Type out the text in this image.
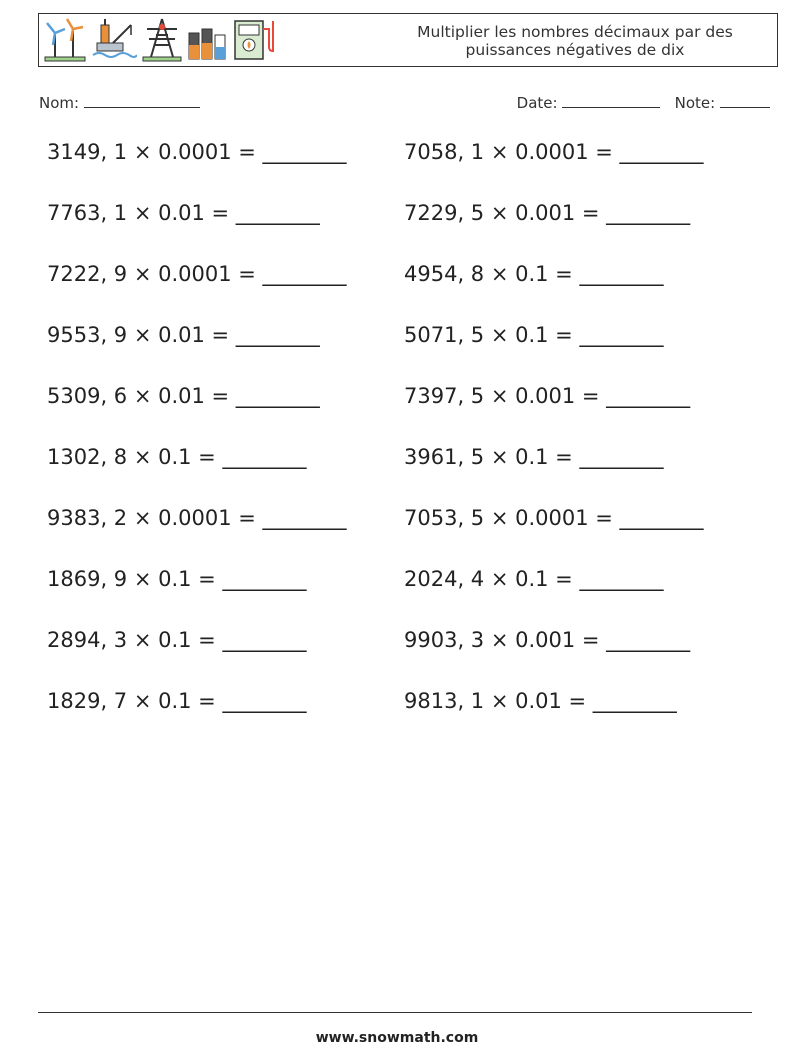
Multiplier les nombres décimaux par des
puissances négatives de dix
Nom:	Date:	Note:
3149, 1 × 0.0001 = ________	7058, 1 × 0.0001 = ________
7763, 1 × 0.01 = ________	7229, 5 × 0.001 = ________
7222, 9 × 0.0001 = ________	4954, 8 × 0.1 = ________
9553, 9 × 0.01 = ________	5071, 5 × 0.1 = ________
5309, 6 × 0.01 = ________	7397, 5 × 0.001 = ________
1302, 8 × 0.1 = ________	3961, 5 × 0.1 = ________
9383, 2 × 0.0001 = ________	7053, 5 × 0.0001 = ________
1869, 9 × 0.1 = ________	2024, 4 × 0.1 = ________
2894, 3 × 0.1 = ________	9903, 3 × 0.001 = ________
1829, 7 × 0.1 = ________	9813, 1 × 0.01 = ________
www.snowmath.com
